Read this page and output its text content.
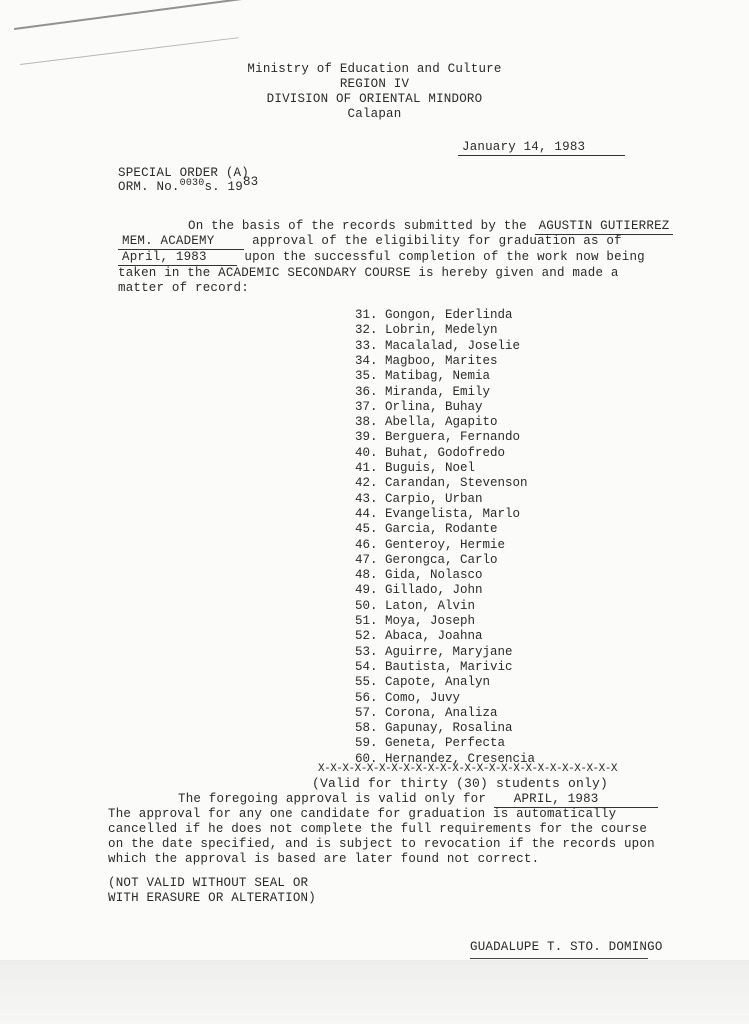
Ministry of Education and Culture
REGION IV
DIVISION OF ORIENTAL MINDORO
Calapan
January 14, 1983
SPECIAL ORDER (A)
ORM. No.$^{0030}$s. 1983
On the basis of the records submitted by the AGUSTIN GUTIERREZ
MEM. ACADEMY	approval of the eligibility for graduation as of
April, 1983	upon the successful completion of the work now being
taken in the ACADEMIC SECONDARY COURSE is hereby given and made a
matter of record:
31. Gongon, Ederlinda
32. Lobrin, Medelyn
33. Macalalad, Joselie
34. Magboo, Marites
35. Matibag, Nemia
36. Miranda, Emily
37. Orlina, Buhay
38. Abella, Agapito
39. Berguera, Fernando
40. Buhat, Godofredo
41. Buguis, Noel
42. Carandan, Stevenson
43. Carpio, Urban
44. Evangelista, Marlo
45. Garcia, Rodante
46. Genteroy, Hermie
47. Gerongca, Carlo
48. Gida, Nolasco
49. Gillado, John
50. Laton, Alvin
51. Moya, Joseph
52. Abaca, Joahna
53. Aguirre, Maryjane
54. Bautista, Marivic
55. Capote, Analyn
56. Como, Juvy
57. Corona, Analiza
58. Gapunay, Rosalina
59. Geneta, Perfecta
60. Hernandez, Cresencia
X-X-X-X-X-X-X-X-X-X-X-X-X-X-X-X-X-X-X-X-X-X-X-X-X
(Valid for thirty (30) students only)
The foregoing approval is valid only for APRIL, 1983
The approval for any one candidate for graduation is automatically
cancelled if he does not complete the full requirements for the course
on the date specified, and is subject to revocation if the records upon
which the approval is based are later found not correct.
(NOT VALID WITHOUT SEAL OR
WITH ERASURE OR ALTERATION)
GUADALUPE T. STO. DOMINGO
